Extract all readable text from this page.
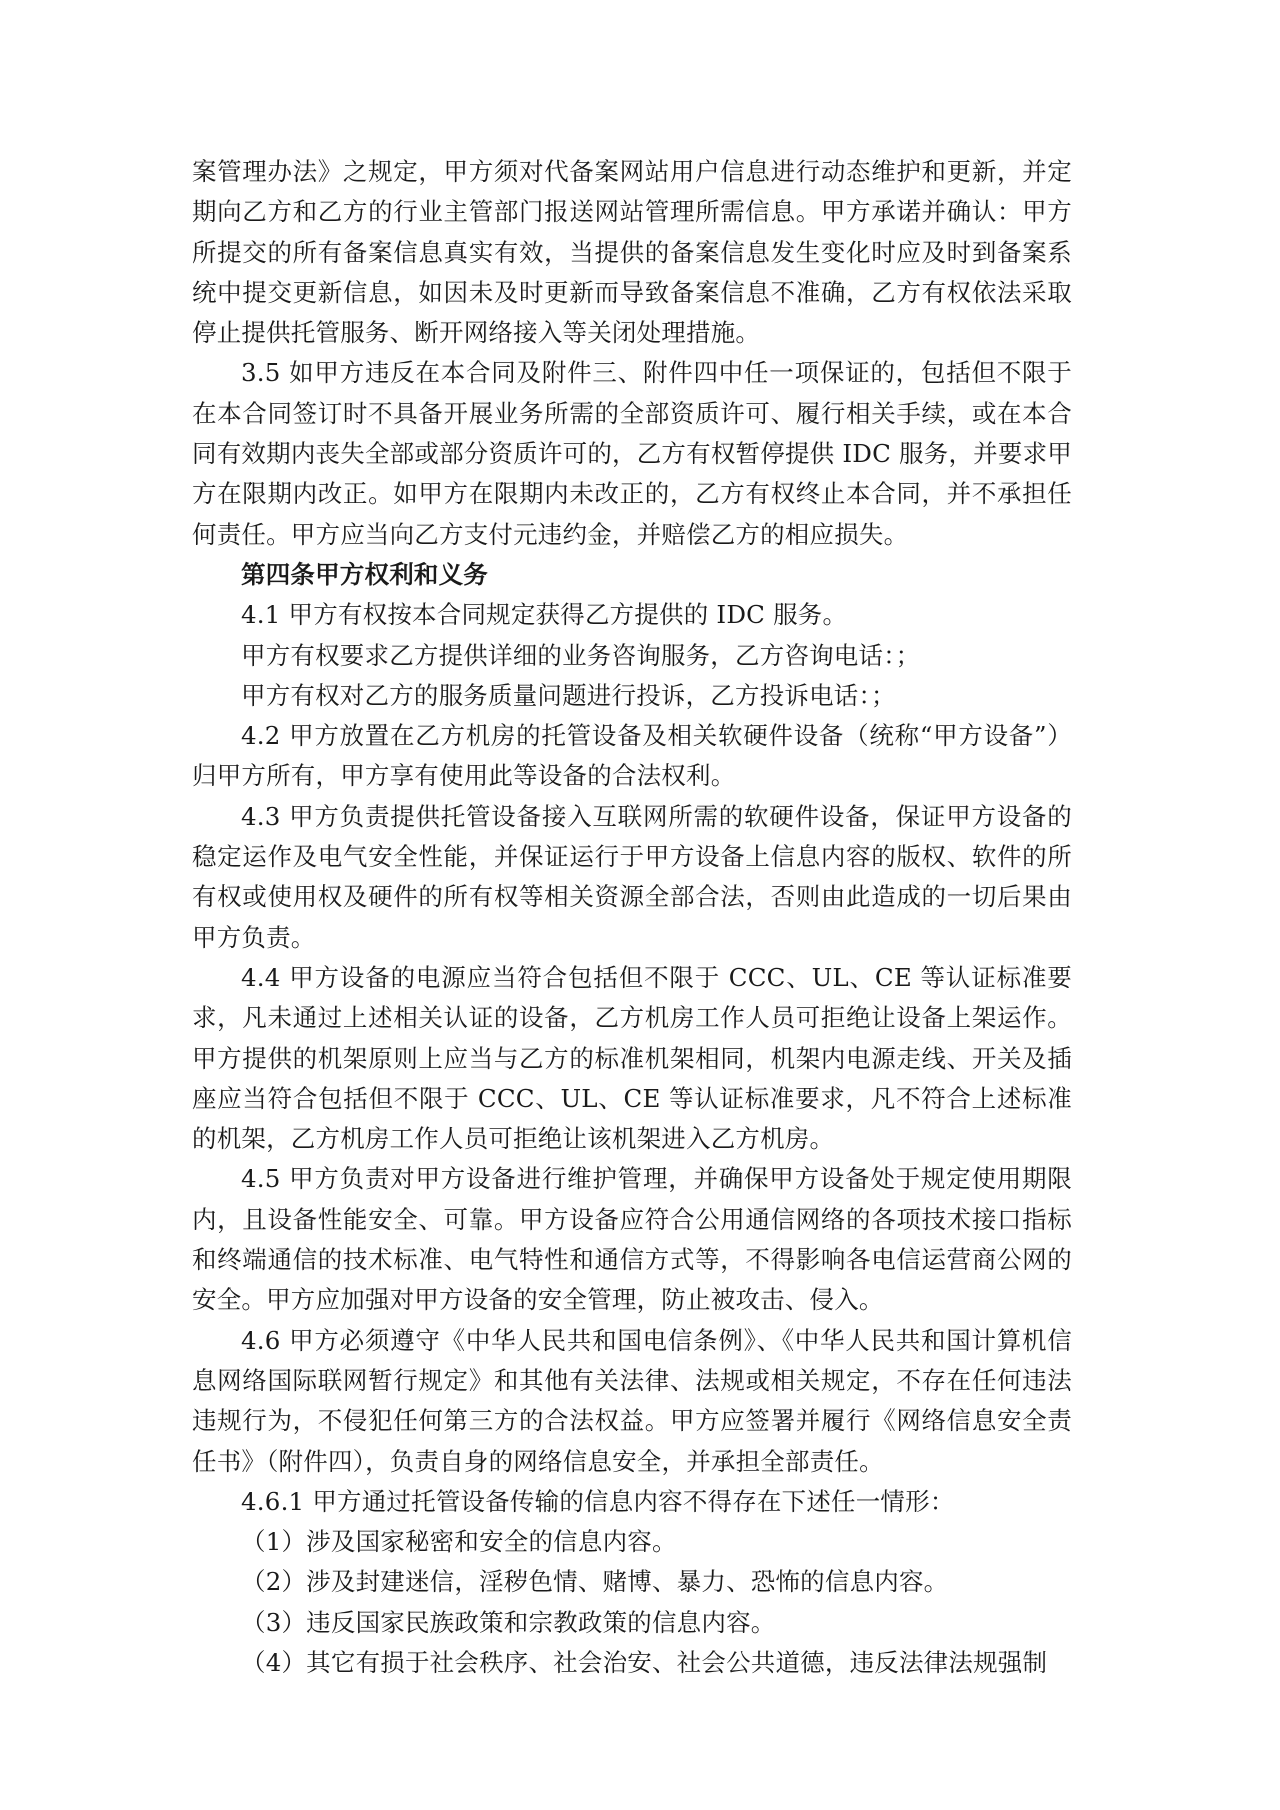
案管理办法》之规定，甲方须对代备案网站用户信息进行动态维护和更新，并定期向乙方和乙方的行业主管部门报送网站管理所需信息。甲方承诺并确认：甲方所提交的所有备案信息真实有效，当提供的备案信息发生变化时应及时到备案系统中提交更新信息，如因未及时更新而导致备案信息不准确，乙方有权依法采取停止提供托管服务、断开网络接入等关闭处理措施。

3.5 如甲方违反在本合同及附件三、附件四中任一项保证的，包括但不限于在本合同签订时不具备开展业务所需的全部资质许可、履行相关手续，或在本合同有效期内丧失全部或部分资质许可的，乙方有权暂停提供 IDC 服务，并要求甲方在限期内改正。如甲方在限期内未改正的，乙方有权终止本合同，并不承担任何责任。甲方应当向乙方支付元违约金，并赔偿乙方的相应损失。

第四条甲方权利和义务

4.1 甲方有权按本合同规定获得乙方提供的 IDC 服务。

甲方有权要求乙方提供详细的业务咨询服务，乙方咨询电话：；

甲方有权对乙方的服务质量问题进行投诉，乙方投诉电话：；

4.2 甲方放置在乙方机房的托管设备及相关软硬件设备（统称“甲方设备”）归甲方所有，甲方享有使用此等设备的合法权利。

4.3 甲方负责提供托管设备接入互联网所需的软硬件设备，保证甲方设备的稳定运作及电气安全性能，并保证运行于甲方设备上信息内容的版权、软件的所有权或使用权及硬件的所有权等相关资源全部合法，否则由此造成的一切后果由甲方负责。

4.4 甲方设备的电源应当符合包括但不限于 CCC、UL、CE 等认证标准要求，凡未通过上述相关认证的设备，乙方机房工作人员可拒绝让设备上架运作。甲方提供的机架原则上应当与乙方的标准机架相同，机架内电源走线、开关及插座应当符合包括但不限于 CCC、UL、CE 等认证标准要求，凡不符合上述标准的机架，乙方机房工作人员可拒绝让该机架进入乙方机房。

4.5 甲方负责对甲方设备进行维护管理，并确保甲方设备处于规定使用期限内，且设备性能安全、可靠。甲方设备应符合公用通信网络的各项技术接口指标和终端通信的技术标准、电气特性和通信方式等，不得影响各电信运营商公网的安全。甲方应加强对甲方设备的安全管理，防止被攻击、侵入。

4.6 甲方必须遵守《中华人民共和国电信条例》、《中华人民共和国计算机信息网络国际联网暂行规定》和其他有关法律、法规或相关规定，不存在任何违法违规行为，不侵犯任何第三方的合法权益。甲方应签署并履行《网络信息安全责任书》（附件四），负责自身的网络信息安全，并承担全部责任。

4.6.1 甲方通过托管设备传输的信息内容不得存在下述任一情形：

（1）涉及国家秘密和安全的信息内容。

（2）涉及封建迷信，淫秽色情、赌博、暴力、恐怖的信息内容。

（3）违反国家民族政策和宗教政策的信息内容。

（4）其它有损于社会秩序、社会治安、社会公共道德，违反法律法规强制
